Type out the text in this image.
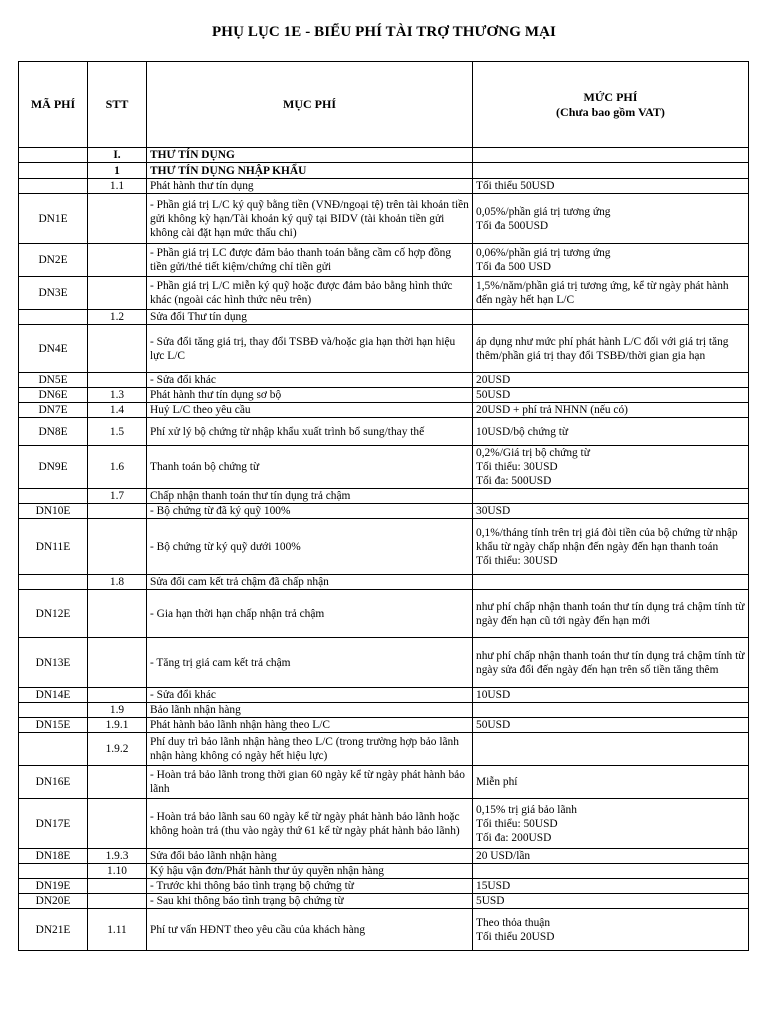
PHỤ LỤC 1E - BIỂU PHÍ TÀI TRỢ THƯƠNG MẠI
MÃ PHÍ	STT	MỤC PHÍ	MỨC PHÍ
(Chưa bao gồm VAT)

	I.	THƯ TÍN DỤNG	
	1	THƯ TÍN DỤNG NHẬP KHẨU	
	1.1	Phát hành thư tín dụng	Tối thiểu 50USD
DN1E		- Phần giá trị L/C ký quỹ bằng tiền (VNĐ/ngoại tệ) trên tài khoản tiền gửi không kỳ hạn/Tài khoản ký quỹ tại BIDV (tài khoản tiền gửi không cài đặt hạn mức thấu chi)	0,05%/phần giá trị tương ứng
Tối đa 500USD
DN2E		- Phần giá trị LC được đảm bảo thanh toán bằng cầm cố hợp đồng tiền gửi/thẻ tiết kiệm/chứng chỉ tiền gửi	0,06%/phần giá trị tương ứng
Tối đa 500 USD
DN3E		- Phần giá trị L/C miễn ký quỹ hoặc được đảm bảo bằng hình thức khác (ngoài các hình thức nêu trên)	1,5%/năm/phần giá trị tương ứng, kể từ ngày phát hành đến ngày hết hạn L/C
	1.2	Sửa đổi Thư tín dụng	
DN4E		- Sửa đổi tăng giá trị, thay đổi TSBĐ và/hoặc gia hạn thời hạn hiệu lực L/C	áp dụng như mức phí phát hành L/C đối với giá trị tăng thêm/phần giá trị thay đổi TSBĐ/thời gian gia hạn
DN5E		- Sửa đổi khác	20USD
DN6E	1.3	Phát hành thư tín dụng sơ bộ	50USD
DN7E	1.4	Huỷ L/C theo yêu cầu	20USD + phí trả NHNN (nếu có)
DN8E	1.5	Phí xử lý bộ chứng từ nhập khẩu xuất trình bổ sung/thay thế	10USD/bộ chứng từ
DN9E	1.6	Thanh toán bộ chứng từ	0,2%/Giá trị bộ chứng từ
Tối thiểu: 30USD
Tối đa: 500USD
	1.7	Chấp nhận thanh toán thư tín dụng trả chậm	
DN10E		- Bộ chứng từ đã ký quỹ 100%	30USD
DN11E		- Bộ chứng từ ký quỹ dưới 100%	0,1%/tháng tính trên trị giá đòi tiền của bộ chứng từ nhập khẩu từ ngày chấp nhận đến ngày đến hạn thanh toán
Tối thiểu: 30USD
	1.8	Sửa đổi cam kết trả chậm đã chấp nhận	
DN12E		- Gia hạn thời hạn chấp nhận trả chậm	như phí chấp nhận thanh toán thư tín dụng trả chậm tính từ ngày đến hạn cũ tới ngày đến hạn mới
DN13E		- Tăng trị giá cam kết trả chậm	như phí chấp nhận thanh toán thư tín dụng trả chậm tính từ ngày sửa đổi đến ngày đến hạn trên số tiền tăng thêm
DN14E		- Sửa đổi khác	10USD
	1.9	Bảo lãnh nhận hàng	
DN15E	1.9.1	Phát hành bảo lãnh nhận hàng theo L/C	50USD
	1.9.2	Phí duy trì bảo lãnh nhận hàng theo L/C (trong trường hợp bảo lãnh nhận hàng không có ngày hết hiệu lực)	
DN16E		- Hoàn trả bảo lãnh trong thời gian 60 ngày kể từ ngày phát hành bảo lãnh	Miễn phí
DN17E		- Hoàn trả bảo lãnh sau 60 ngày kể từ ngày phát hành bảo lãnh hoặc không hoàn trả (thu vào ngày thứ 61 kể từ ngày phát hành bảo lãnh)	0,15% trị giá bảo lãnh
Tối thiểu: 50USD
Tối đa: 200USD
DN18E	1.9.3	Sửa đổi bảo lãnh nhận hàng	20 USD/lần
	1.10	Ký hậu vận đơn/Phát hành thư ủy quyền nhận hàng	
DN19E		- Trước khi thông báo tình trạng bộ chứng từ	15USD
DN20E		- Sau khi thông báo tình trạng bộ chứng từ	5USD
DN21E	1.11	Phí tư vấn HĐNT theo yêu cầu của khách hàng	Theo thỏa thuận
Tối thiểu 20USD
